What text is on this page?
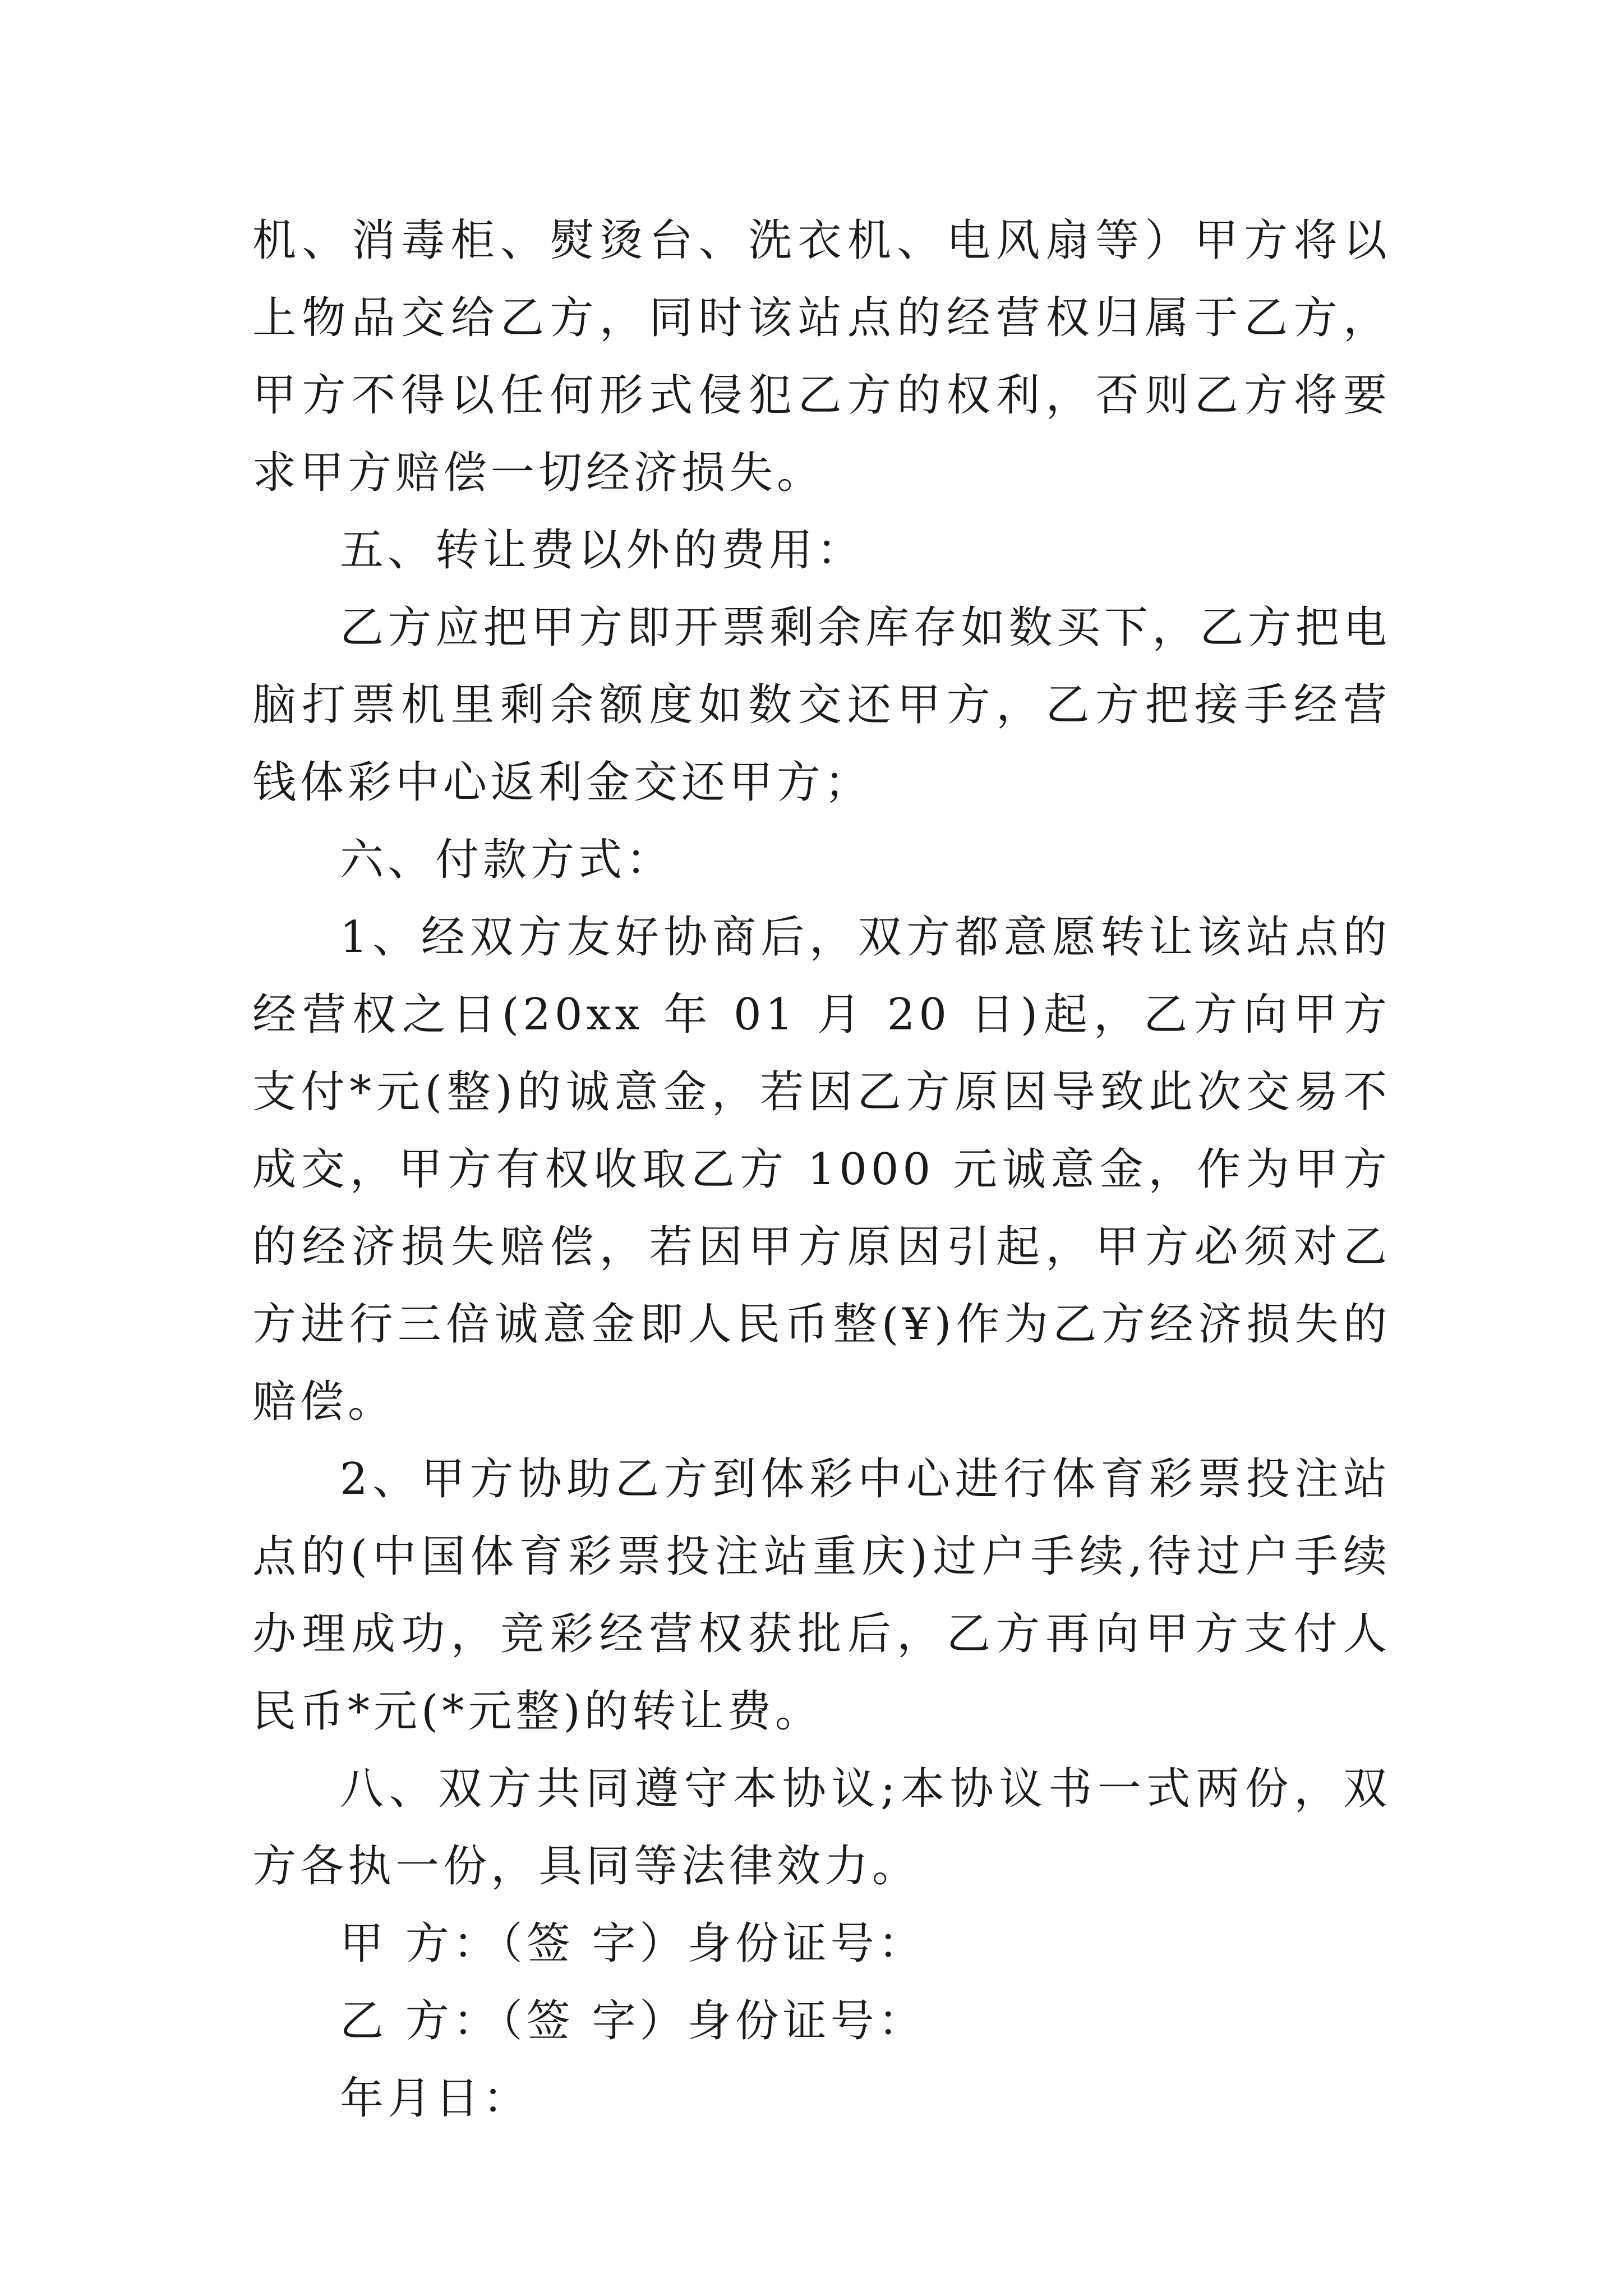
机、消毒柜、熨烫台、洗衣机、电风扇等）甲方将以上物品交给乙方，同时该站点的经营权归属于乙方，甲方不得以任何形式侵犯乙方的权利，否则乙方将要求甲方赔偿一切经济损失。

五、转让费以外的费用：

乙方应把甲方即开票剩余库存如数买下，乙方把电脑打票机里剩余额度如数交还甲方，乙方把接手经营钱体彩中心返利金交还甲方；

六、付款方式：

1、经双方友好协商后，双方都意愿转让该站点的经营权之日(20xx 年 01 月 20 日)起，乙方向甲方支付*元(整)的诚意金，若因乙方原因导致此次交易不成交，甲方有权收取乙方 1000 元诚意金，作为甲方的经济损失赔偿，若因甲方原因引起，甲方必须对乙方进行三倍诚意金即人民币整(¥)作为乙方经济损失的赔偿。

2、甲方协助乙方到体彩中心进行体育彩票投注站点的(中国体育彩票投注站重庆)过户手续,待过户手续办理成功，竞彩经营权获批后，乙方再向甲方支付人民币*元(*元整)的转让费。

八、双方共同遵守本协议;本协议书一式两份，双方各执一份，具同等法律效力。

甲 方：（签 字）身份证号：

乙 方：（签 字）身份证号：

年月日：
